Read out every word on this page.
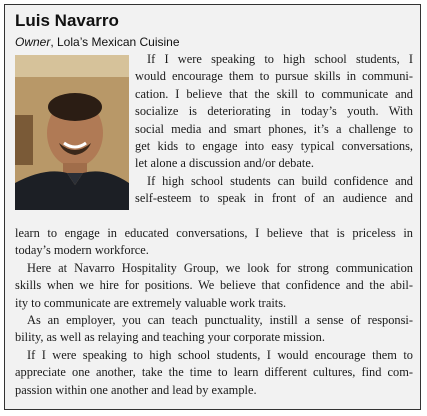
Luis Navarro
Owner, Lola’s Mexican Cuisine

If I were speaking to high school students, I
would encourage them to pursue skills in communi-
cation. I believe that the skill to communicate and
socialize is deteriorating in today’s youth. With
social media and smart phones, it’s a challenge to
get kids to engage into easy typical conversations,
let alone a discussion and/or debate.

If high school students can build confidence and
self-esteem to speak in front of an audience and

learn to engage in educated conversations, I believe that is priceless in
today’s modern workforce.

Here at Navarro Hospitality Group, we look for strong communication
skills when we hire for positions. We believe that confidence and the abil-
ity to communicate are extremely valuable work traits.

As an employer, you can teach punctuality, instill a sense of responsi-
bility, as well as relaying and teaching your corporate mission.

If I were speaking to high school students, I would encourage them to
appreciate one another, take the time to learn different cultures, find com-
passion within one another and lead by example.
